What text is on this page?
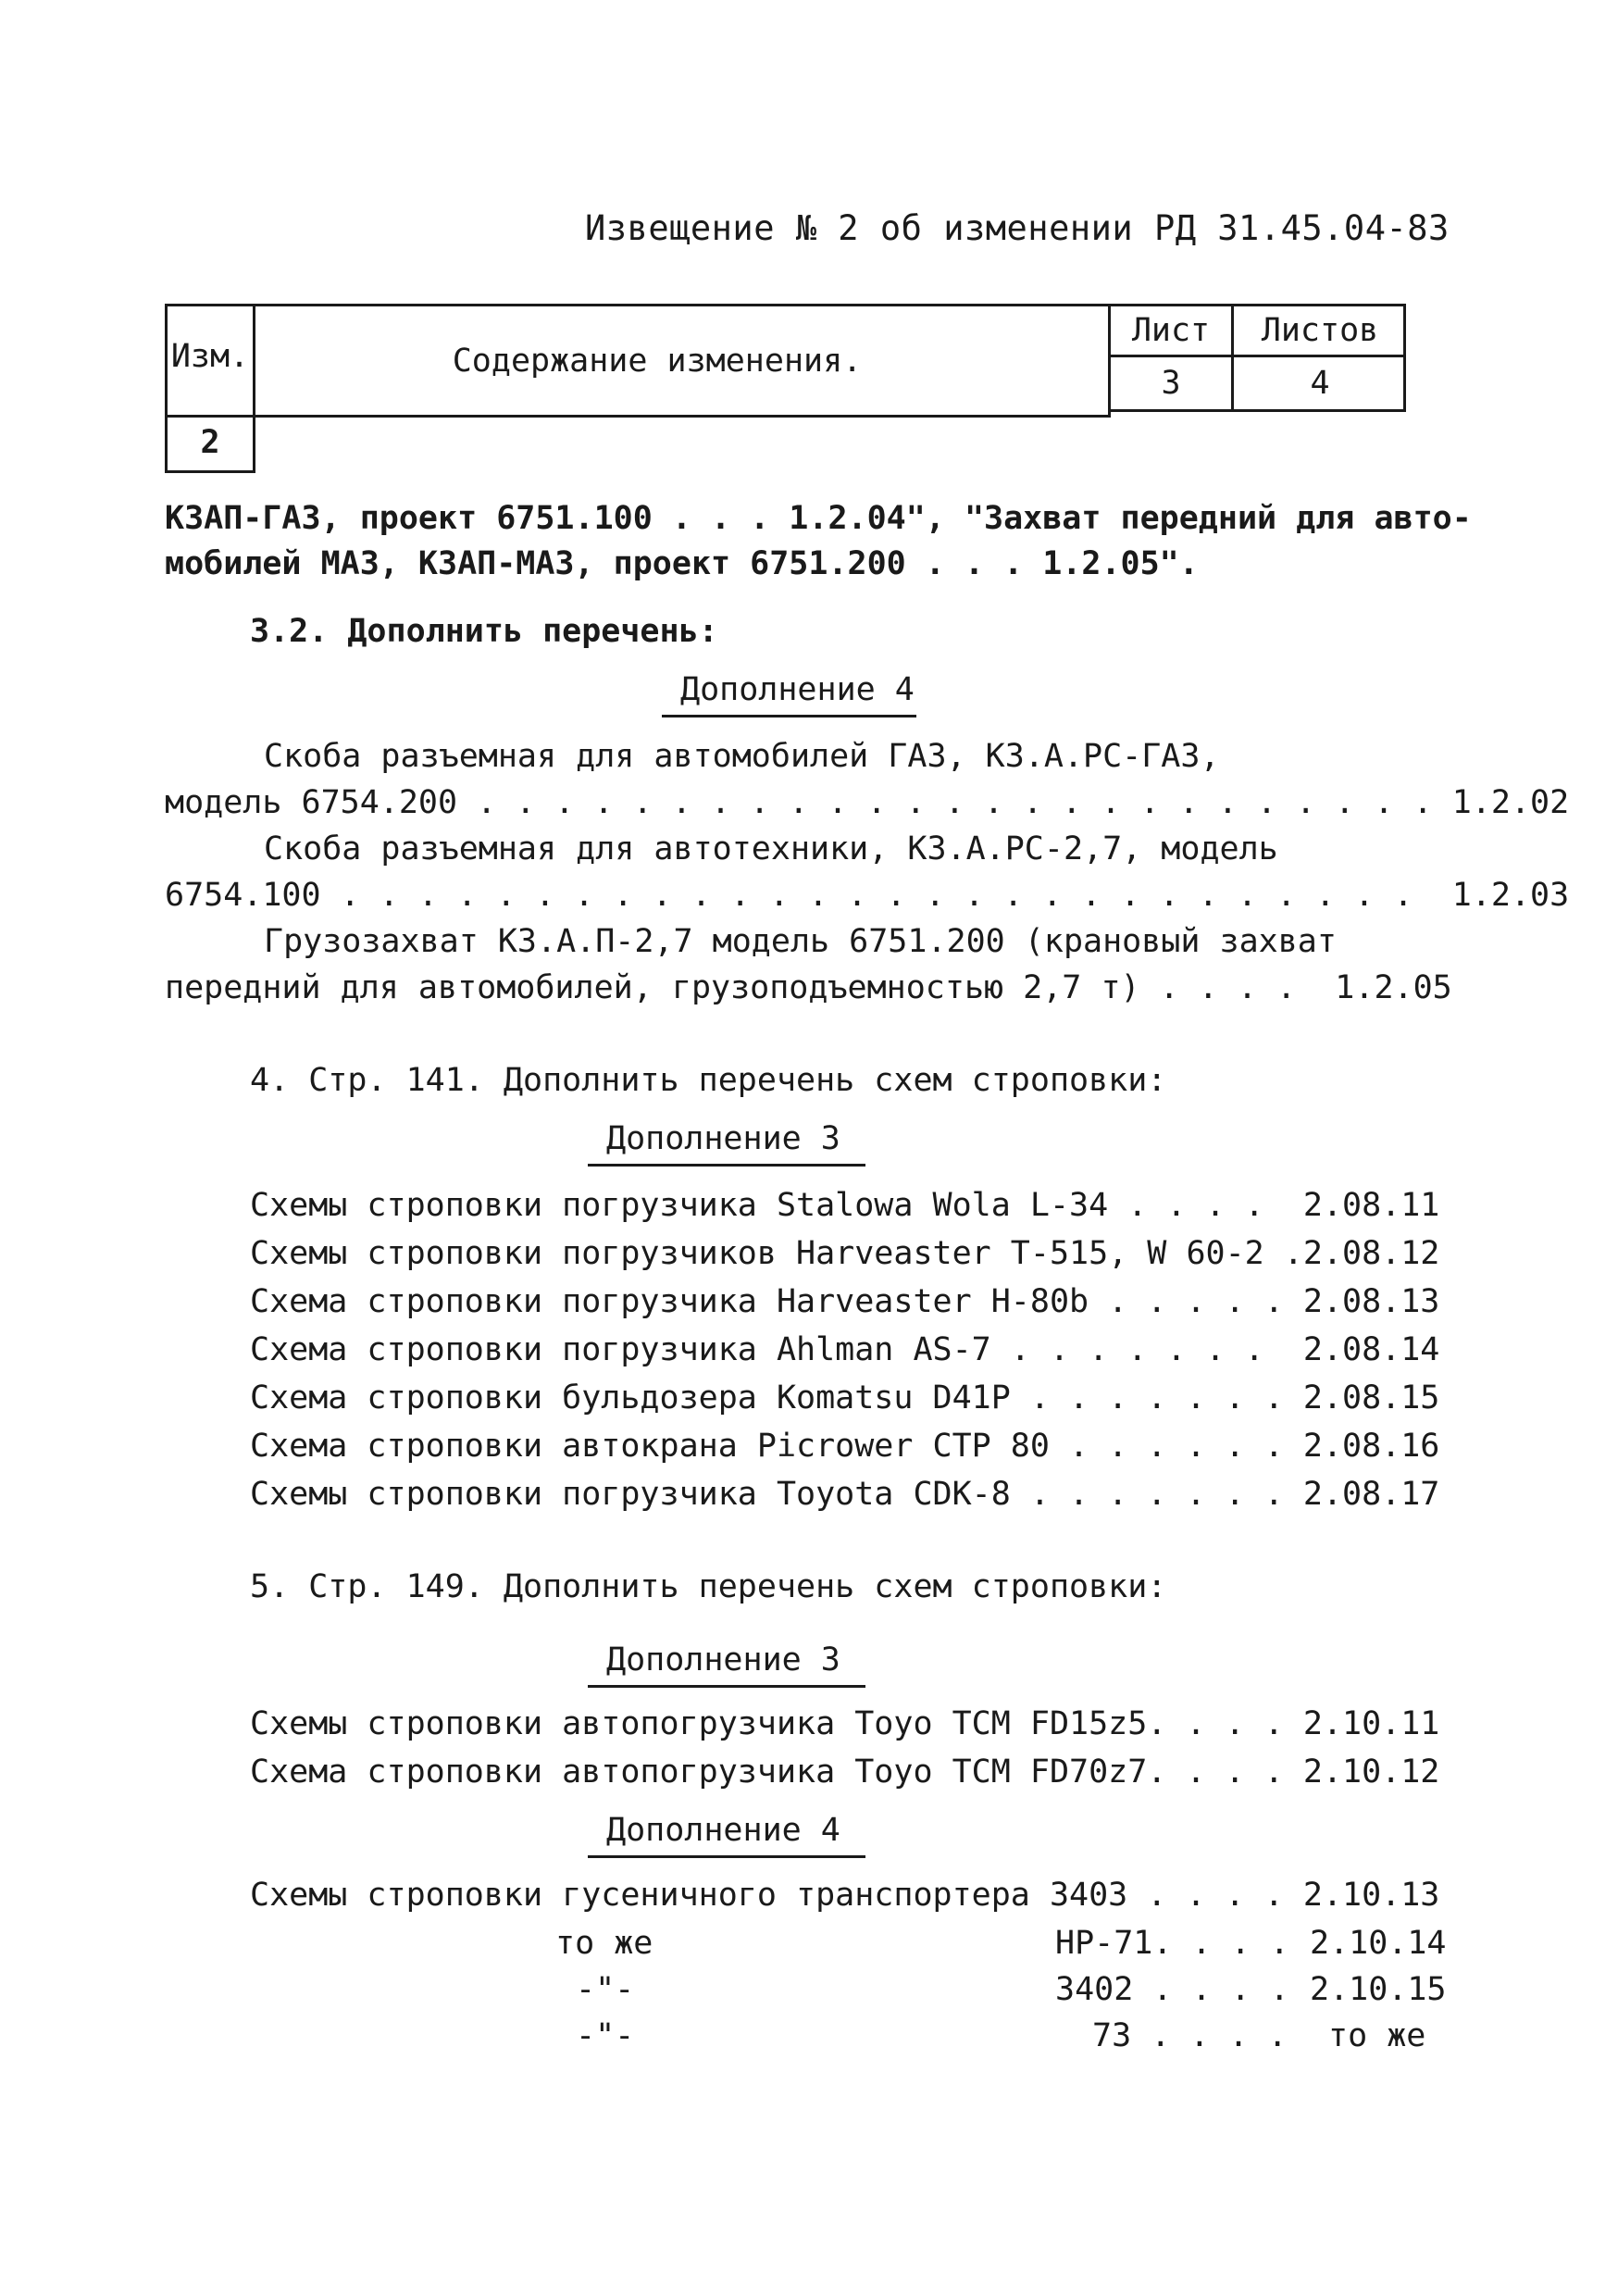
Извещение № 2 об изменении РД 31.45.04-83
Изм.	Содержание изменения.
Лист	Листов
3	4
2
КЗАП-ГАЗ, проект 6751.100 . . . 1.2.04", "Захват передний для авто-
мобилей МАЗ, КЗАП-МАЗ, проект 6751.200 . . . 1.2.05".
3.2. Дополнить перечень:
Дополнение 4
Скоба разъемная для автомобилей ГАЗ, КЗ.А.РС-ГАЗ,
модель 6754.200 . . . . . . . . . . . . . . . . . . . . . . . . . 1.2.02
Скоба разъемная для автотехники, КЗ.А.РС-2,7, модель
6754.100 . . . . . . . . . . . . . . . . . . . . . . . . . . . .  1.2.03
Грузозахват КЗ.А.П-2,7 модель 6751.200 (крановый захват
передний для автомобилей, грузоподъемностью 2,7 т) . . . .  1.2.05
4. Стр. 141. Дополнить перечень схем строповки:
Дополнение 3
Схемы строповки погрузчика Stalowa Wola L-34 . . . .  2.08.11
Схемы строповки погрузчиков Harveaster T-515, W 60-2 .2.08.12
Схема строповки погрузчика Harveaster H-80b . . . . . 2.08.13
Схема строповки погрузчика Ahlman AS-7 . . . . . . .  2.08.14
Схема строповки бульдозера Komatsu D41P . . . . . . . 2.08.15
Схема строповки автокрана Picrower CTP 80 . . . . . . 2.08.16
Схемы строповки погрузчика Toyota CDK-8 . . . . . . . 2.08.17
5. Стр. 149. Дополнить перечень схем строповки:
Дополнение 3
Схемы строповки автопогрузчика Toyo TCM FD15z5. . . . 2.10.11
Схема строповки автопогрузчика Toyo TCM FD70z7. . . . 2.10.12
Дополнение 4
Схемы строповки гусеничного транспортера 3403 . . . . 2.10.13
то же	HP-71. . . . 2.10.14
-"-	3402 . . . . 2.10.15
-"-	73 . . . . то же
